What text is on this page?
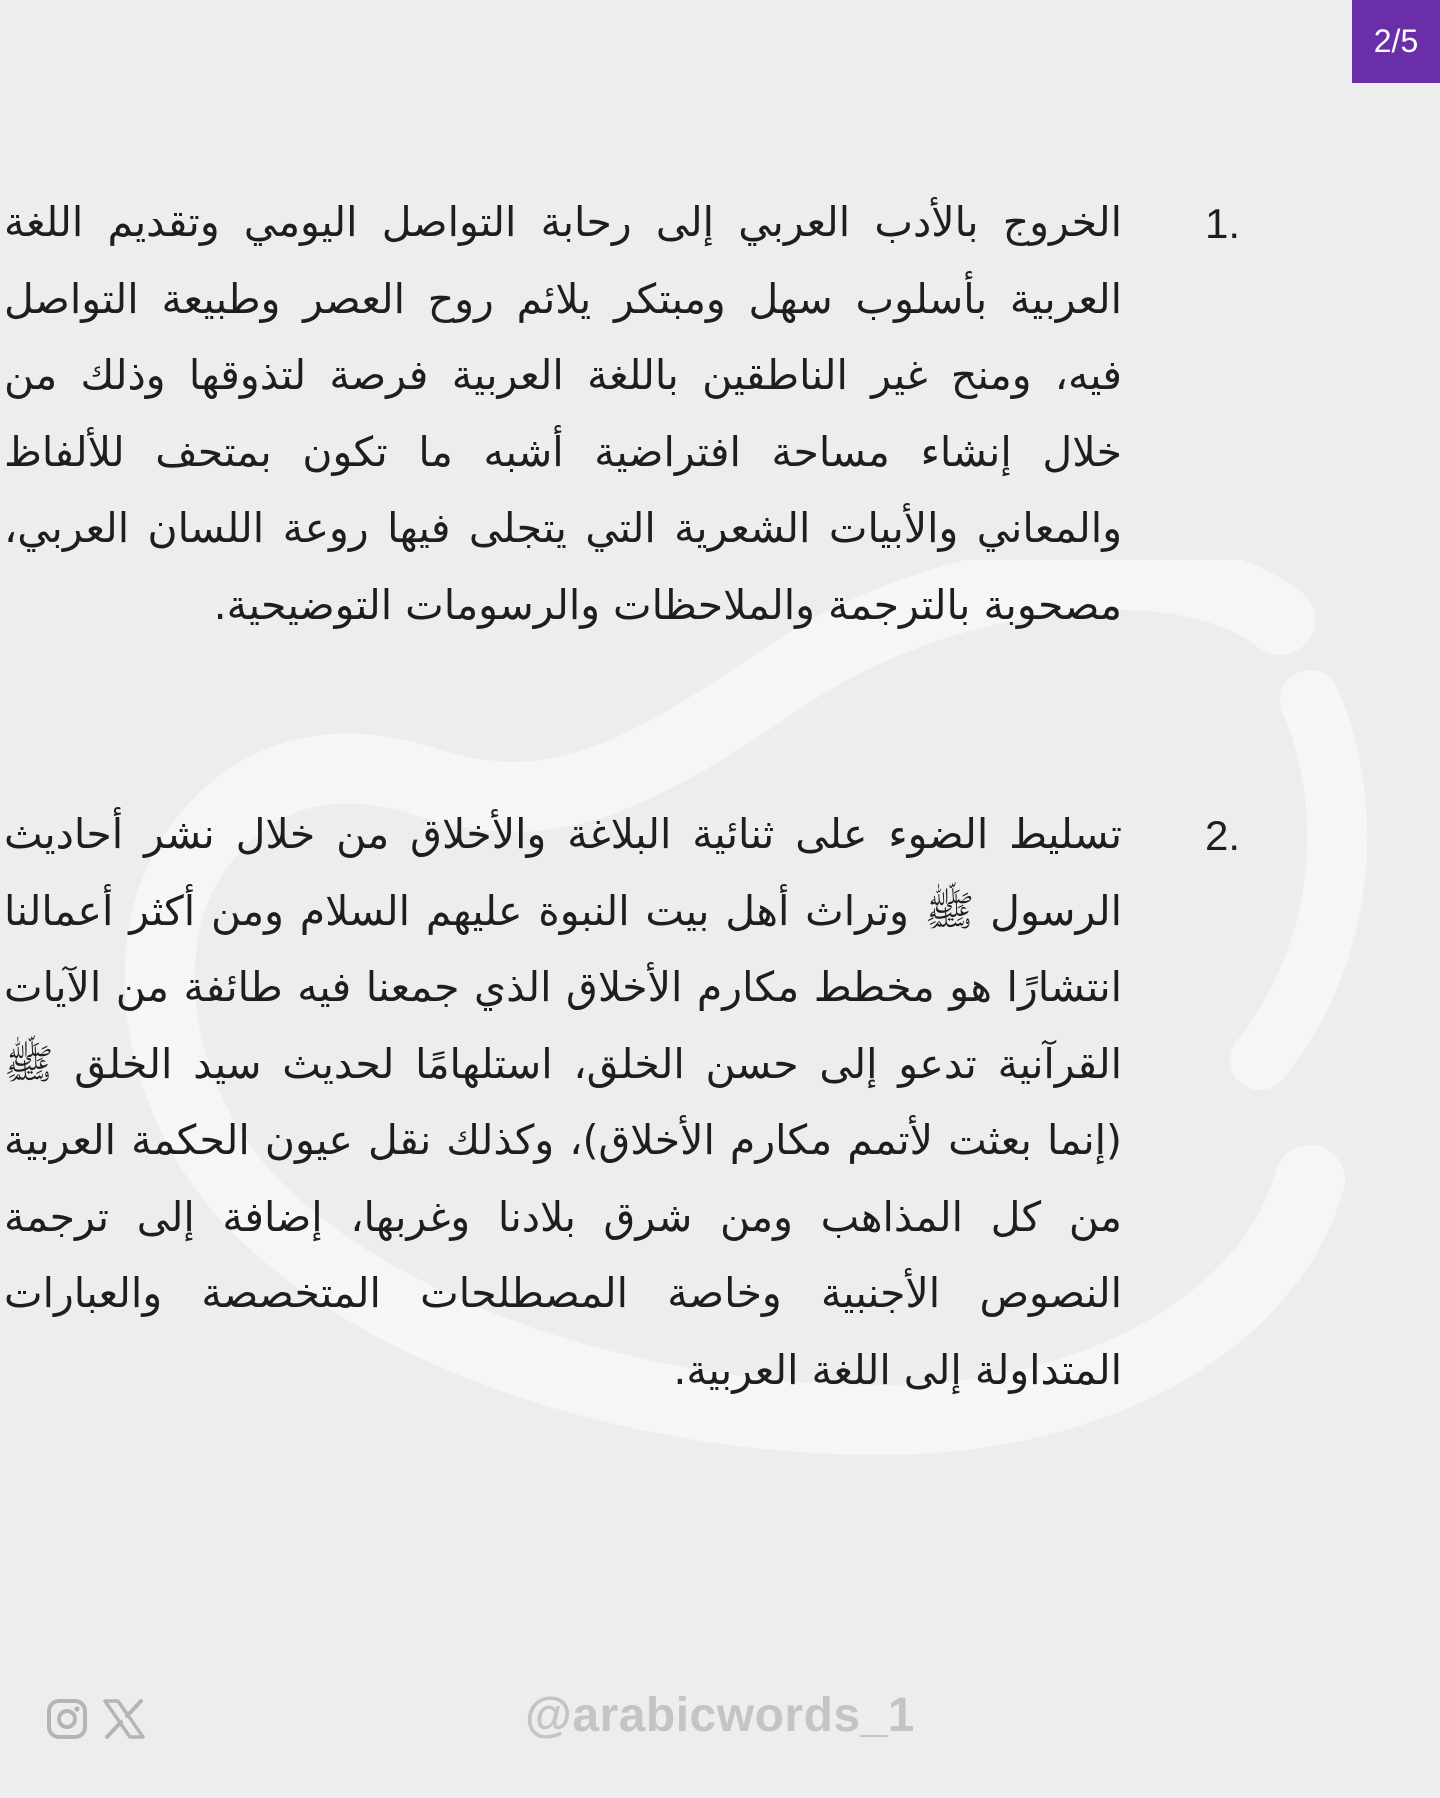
2/5
1.
الخروج بالأدب العربي إلى رحابة التواصل اليومي وتقديم اللغة العربية بأسلوب سهل ومبتكر يلائم روح العصر وطبيعة التواصل فيه، ومنح غير الناطقين باللغة العربية فرصة لتذوقها وذلك من خلال إنشاء مساحة افتراضية أشبه ما تكون بمتحف للألفاظ والمعاني والأبيات الشعرية التي يتجلى فيها روعة اللسان العربي، مصحوبة بالترجمة والملاحظات والرسومات التوضيحية.
2.
تسليط الضوء على ثنائية البلاغة والأخلاق من خلال نشر أحاديث الرسول ﷺ وتراث أهل بيت النبوة عليهم السلام ومن أكثر أعمالنا انتشارًا هو مخطط مكارم الأخلاق الذي جمعنا فيه طائفة من الآيات القرآنية تدعو إلى حسن الخلق، استلهامًا لحديث سيد الخلق ﷺ (إنما بعثت لأتمم مكارم الأخلاق)، وكذلك نقل عيون الحكمة العربية من كل المذاهب ومن شرق بلادنا وغربها، إضافة إلى ترجمة النصوص الأجنبية وخاصة المصطلحات المتخصصة والعبارات المتداولة إلى اللغة العربية.
@arabicwords_1
